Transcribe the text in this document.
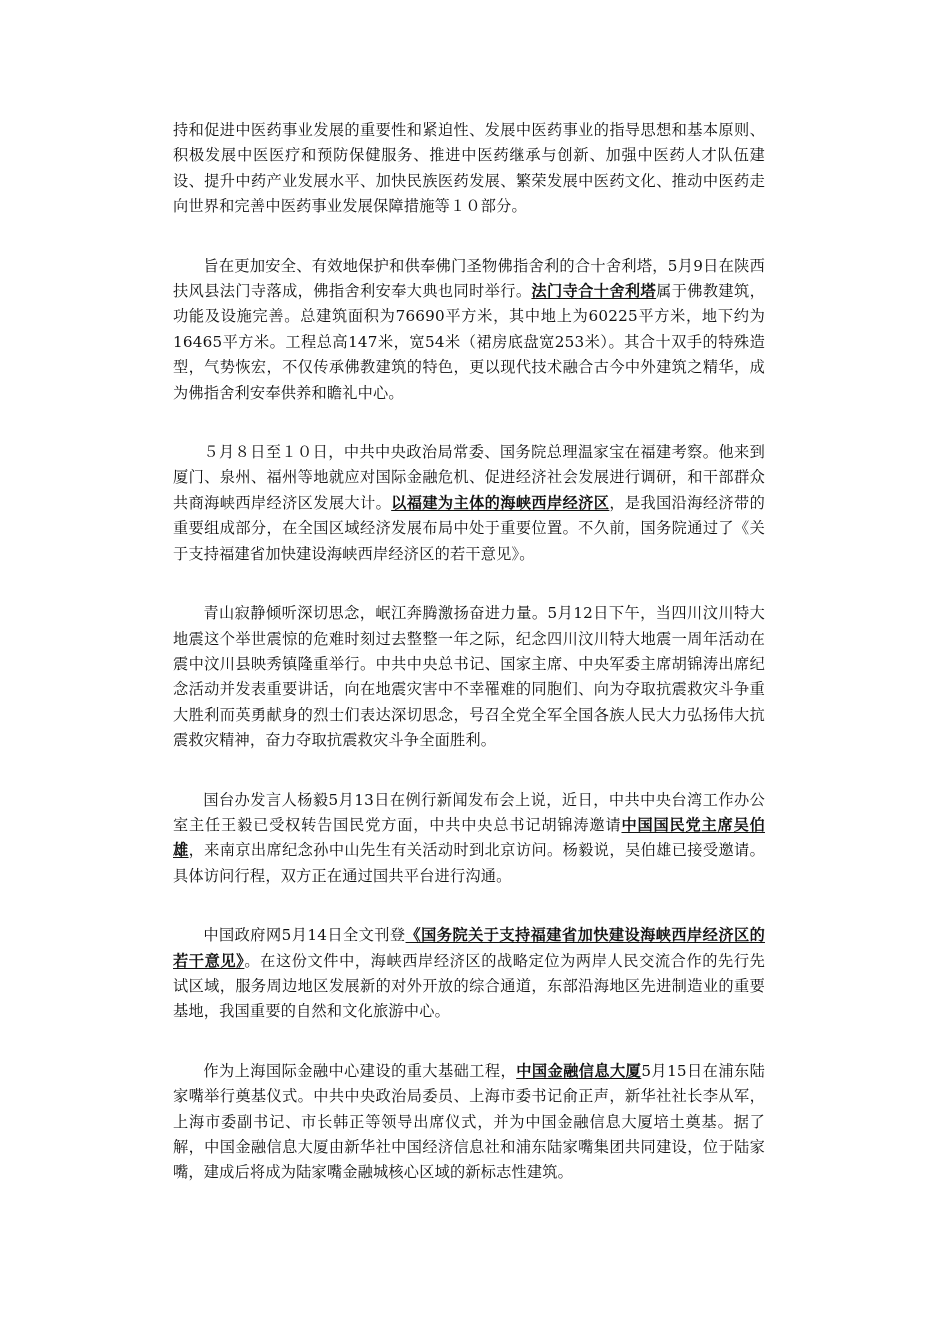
持和促进中医药事业发展的重要性和紧迫性、发展中医药事业的指导思想和基本原则、积极发展中医医疗和预防保健服务、推进中医药继承与创新、加强中医药人才队伍建设、提升中药产业发展水平、加快民族医药发展、繁荣发展中医药文化、推动中医药走向世界和完善中医药事业发展保障措施等１０部分。

旨在更加安全、有效地保护和供奉佛门圣物佛指舍利的合十舍利塔，5月9日在陕西扶风县法门寺落成，佛指舍利安奉大典也同时举行。法门寺合十舍利塔属于佛教建筑，功能及设施完善。总建筑面积为76690平方米，其中地上为60225平方米，地下约为16465平方米。工程总高147米，宽54米（裙房底盘宽253米）。其合十双手的特殊造型，气势恢宏，不仅传承佛教建筑的特色，更以现代技术融合古今中外建筑之精华，成为佛指舍利安奉供养和瞻礼中心。

５月８日至１０日，中共中央政治局常委、国务院总理温家宝在福建考察。他来到厦门、泉州、福州等地就应对国际金融危机、促进经济社会发展进行调研，和干部群众共商海峡西岸经济区发展大计。以福建为主体的海峡西岸经济区，是我国沿海经济带的重要组成部分，在全国区域经济发展布局中处于重要位置。不久前，国务院通过了《关于支持福建省加快建设海峡西岸经济区的若干意见》。

青山寂静倾听深切思念，岷江奔腾激扬奋进力量。5月12日下午，当四川汶川特大地震这个举世震惊的危难时刻过去整整一年之际，纪念四川汶川特大地震一周年活动在震中汶川县映秀镇隆重举行。中共中央总书记、国家主席、中央军委主席胡锦涛出席纪念活动并发表重要讲话，向在地震灾害中不幸罹难的同胞们、向为夺取抗震救灾斗争重大胜利而英勇献身的烈士们表达深切思念，号召全党全军全国各族人民大力弘扬伟大抗震救灾精神，奋力夺取抗震救灾斗争全面胜利。

国台办发言人杨毅5月13日在例行新闻发布会上说，近日，中共中央台湾工作办公室主任王毅已受权转告国民党方面，中共中央总书记胡锦涛邀请中国国民党主席吴伯雄，来南京出席纪念孙中山先生有关活动时到北京访问。杨毅说，吴伯雄已接受邀请。具体访问行程，双方正在通过国共平台进行沟通。

中国政府网5月14日全文刊登《国务院关于支持福建省加快建设海峡西岸经济区的若干意见》。在这份文件中，海峡西岸经济区的战略定位为两岸人民交流合作的先行先试区域，服务周边地区发展新的对外开放的综合通道，东部沿海地区先进制造业的重要基地，我国重要的自然和文化旅游中心。

作为上海国际金融中心建设的重大基础工程，中国金融信息大厦5月15日在浦东陆家嘴举行奠基仪式。中共中央政治局委员、上海市委书记俞正声，新华社社长李从军，上海市委副书记、市长韩正等领导出席仪式，并为中国金融信息大厦培土奠基。据了解，中国金融信息大厦由新华社中国经济信息社和浦东陆家嘴集团共同建设，位于陆家嘴，建成后将成为陆家嘴金融城核心区域的新标志性建筑。
